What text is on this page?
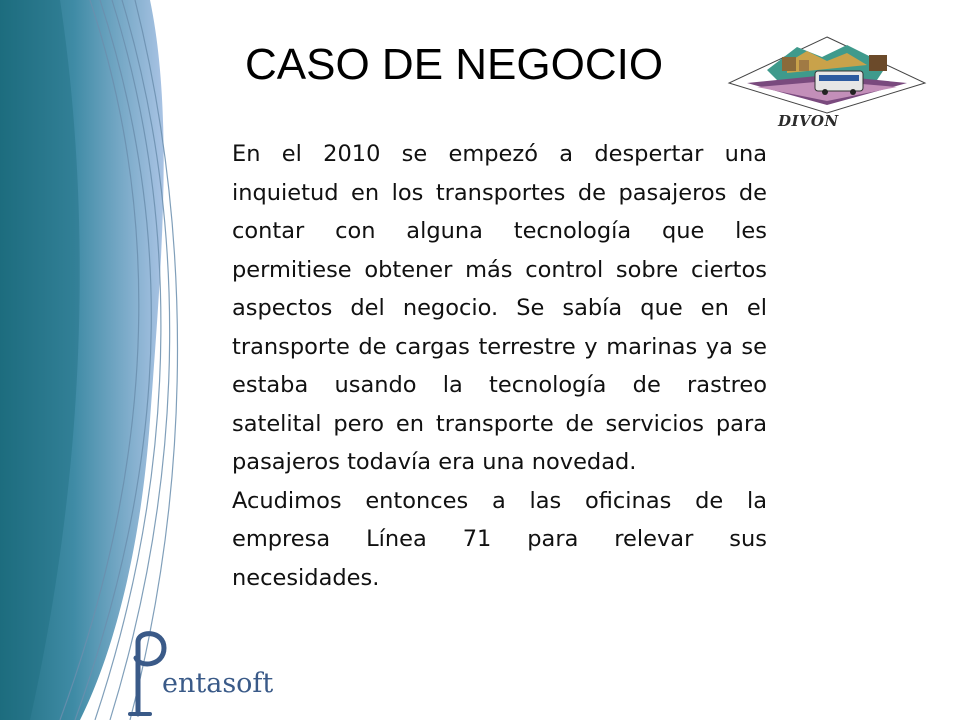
CASO DE NEGOCIO
DIVON

En el 2010 se empezó a despertar una inquietud en los transportes de pasajeros de contar con alguna tecnología que les permitiese obtener más control sobre ciertos aspectos del negocio. Se sabía que en el transporte de cargas terrestre y marinas ya se estaba usando la tecnología de rastreo satelital pero en transporte de servicios para pasajeros todavía era una novedad.

Acudimos entonces a las oficinas de la empresa Línea 71 para relevar sus necesidades.

entasoft
